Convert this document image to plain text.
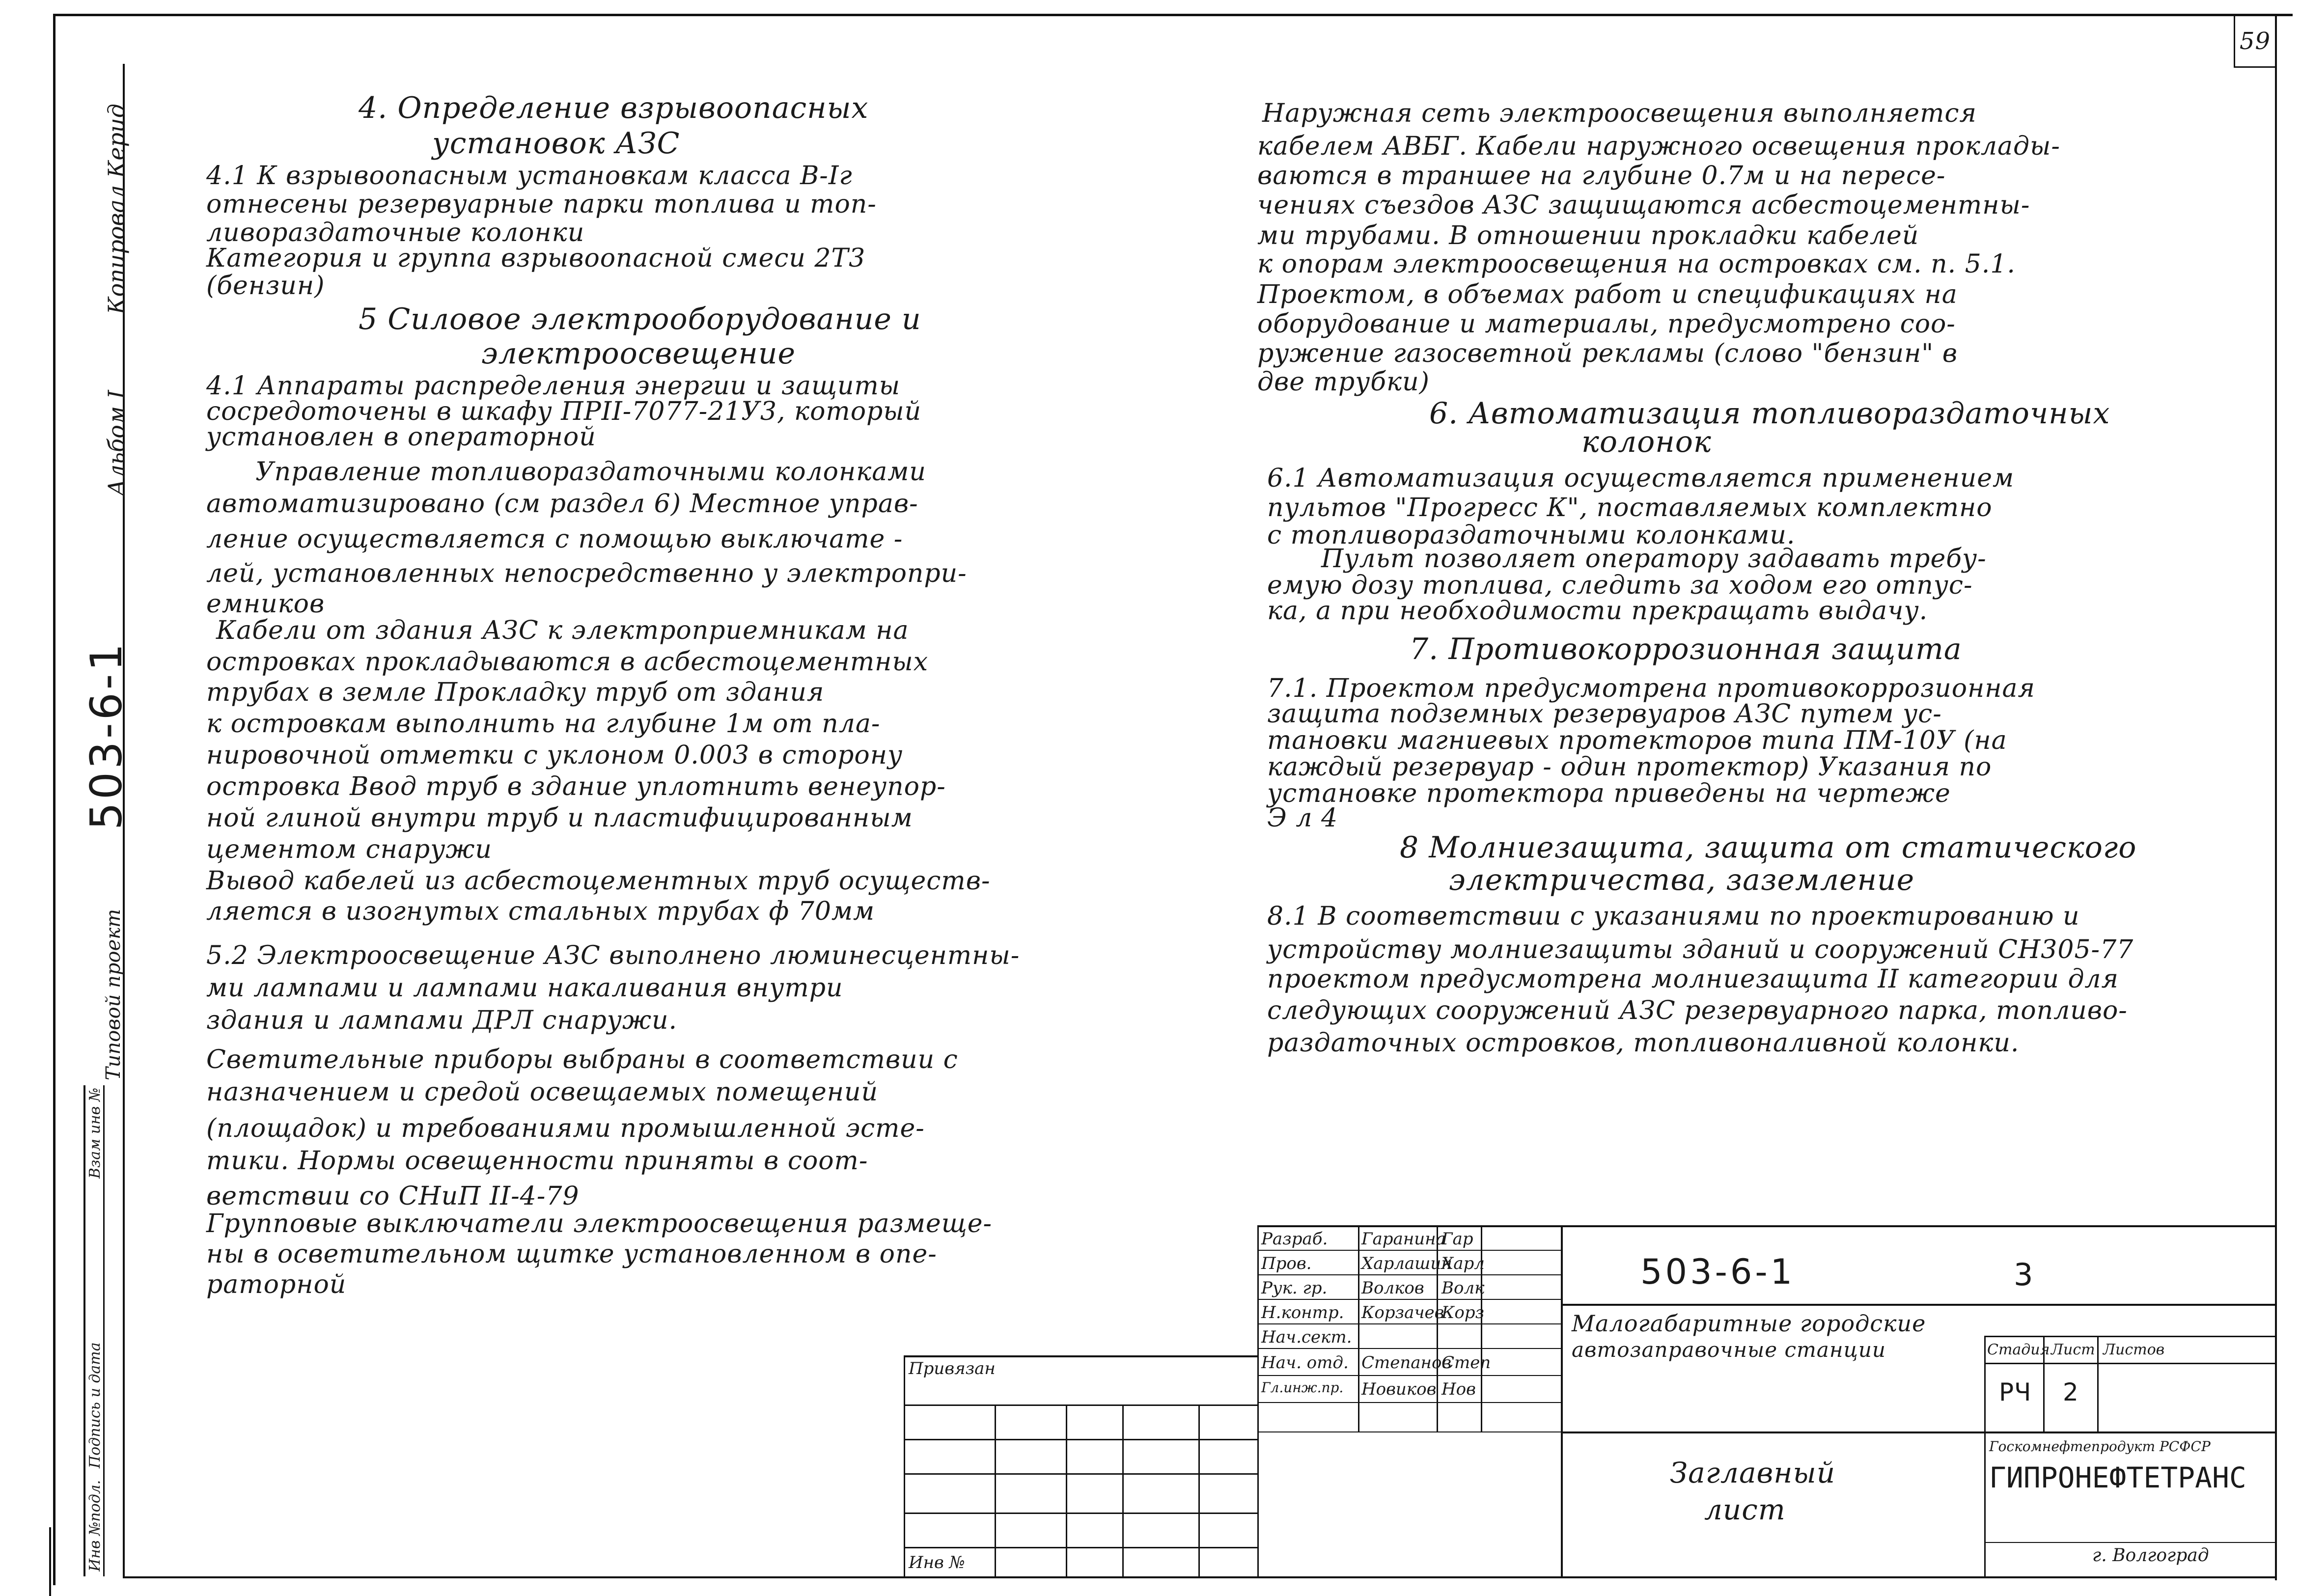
59
Копировал Керид
Альбом I
503-6-1
Типовой проект
Инв №подл.
Подпись и дата
Взам инв №
4. Определение взрывоопасных
установок АЗС
4.1 К взрывоопасным установкам класса В-Iг
отнесены резервуарные парки топлива и топ-
ливораздаточные колонки
Категория и группа взрывоопасной смеси 2Т3
(бензин)
5 Силовое электрооборудование и
электроосвещение
4.1 Аппараты распределения энергии и защиты
сосредоточены в шкафу ПРII-7077-21У3, который
установлен в операторной
Управление топливораздаточными колонками
автоматизировано (см раздел 6) Местное управ-
ление осуществляется с помощью выключате -
лей, установленных непосредственно у электропри-
емников
Кабели от здания АЗС к электроприемникам на
островках прокладываются в асбестоцементных
трубах в земле Прокладку труб от здания
к островкам выполнить на глубине 1м от пла-
нировочной отметки с уклоном 0.003 в сторону
островка Ввод труб в здание уплотнить венеупор-
ной глиной внутри труб и пластифицированным
цементом снаружи
Вывод кабелей из асбестоцементных труб осуществ-
ляется в изогнутых стальных трубах ф 70мм
5.2 Электроосвещение АЗС выполнено люминесцентны-
ми лампами и лампами накаливания внутри
здания и лампами ДРЛ снаружи.
Светительные приборы выбраны в соответствии с
назначением и средой освещаемых помещений
(площадок) и требованиями промышленной эсте-
тики. Нормы освещенности приняты в соот-
ветствии со СНиП II-4-79
Групповые выключатели электроосвещения размеще-
ны в осветительном щитке установленном в опе-
раторной
Наружная сеть электроосвещения выполняется
кабелем АВБГ. Кабели наружного освещения проклады-
ваются в траншее на глубине 0.7м и на пересе-
чениях съездов АЗС защищаются асбестоцементны-
ми трубами. В отношении прокладки кабелей
к опорам электроосвещения на островках см. п. 5.1.
Проектом, в объемах работ и спецификациях на
оборудование и материалы, предусмотрено соо-
ружение газосветной рекламы (слово "бензин" в
две трубки)
6. Автоматизация топливораздаточных
колонок
6.1 Автоматизация осуществляется применением
пультов "Прогресс К", поставляемых комплектно
с топливораздаточными колонками.
Пульт позволяет оператору задавать требу-
емую дозу топлива, следить за ходом его отпус-
ка, а при необходимости прекращать выдачу.
7. Противокоррозионная защита
7.1. Проектом предусмотрена противокоррозионная
защита подземных резервуаров АЗС путем ус-
тановки магниевых протекторов типа ПМ-10У (на
каждый резервуар - один протектор) Указания по
установке протектора приведены на чертеже
Э л 4
8 Молниезащита, защита от статического
электричества, заземление
8.1 В соответствии с указаниями по проектированию и
устройству молниезащиты зданий и сооружений СН305-77
проектом предусмотрена молниезащита II категории для
следующих сооружений АЗС резервуарного парка, топливо-
раздаточных островков, топливоналивной колонки.
Привязан
Инв №
Разраб.
Пров.
Рук. гр.
Н.контр.
Нач.сект.
Нач. отд.
Гл.инж.пр.
Гаранина
Харлашин
Волков
Корзачев
Степанов
Новиков
Гар
Харл
Волк
Корз
Степ
Нов
503-6-1	3
Малогабаритные городские
автозаправочные станции	Стадия Лист Листов
РЧ 2
Заглавный
лист
Госкомнефтепродукт РСФСР
ГИПРОНЕФТЕТРАНС
г. Волгоград
